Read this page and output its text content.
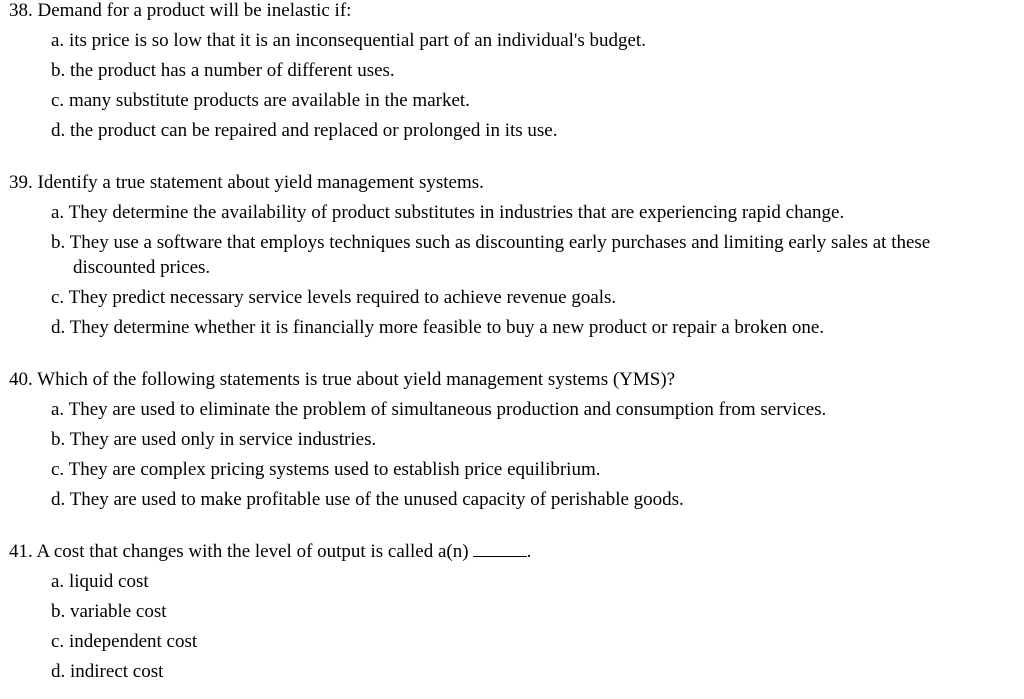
38. Demand for a product will be inelastic if:

a. its price is so low that it is an inconsequential part of an individual's budget.

b. the product has a number of different uses.

c. many substitute products are available in the market.

d. the product can be repaired and replaced or prolonged in its use.

39. Identify a true statement about yield management systems.

a. They determine the availability of product substitutes in industries that are experiencing rapid change.

b. They use a software that employs techniques such as discounting early purchases and limiting early sales at these discounted prices.

c. They predict necessary service levels required to achieve revenue goals.

d. They determine whether it is financially more feasible to buy a new product or repair a broken one.

40. Which of the following statements is true about yield management systems (YMS)?

a. They are used to eliminate the problem of simultaneous production and consumption from services.

b. They are used only in service industries.

c. They are complex pricing systems used to establish price equilibrium.

d. They are used to make profitable use of the unused capacity of perishable goods.

41. A cost that changes with the level of output is called a(n)	.

a. liquid cost

b. variable cost

c. independent cost

d. indirect cost
